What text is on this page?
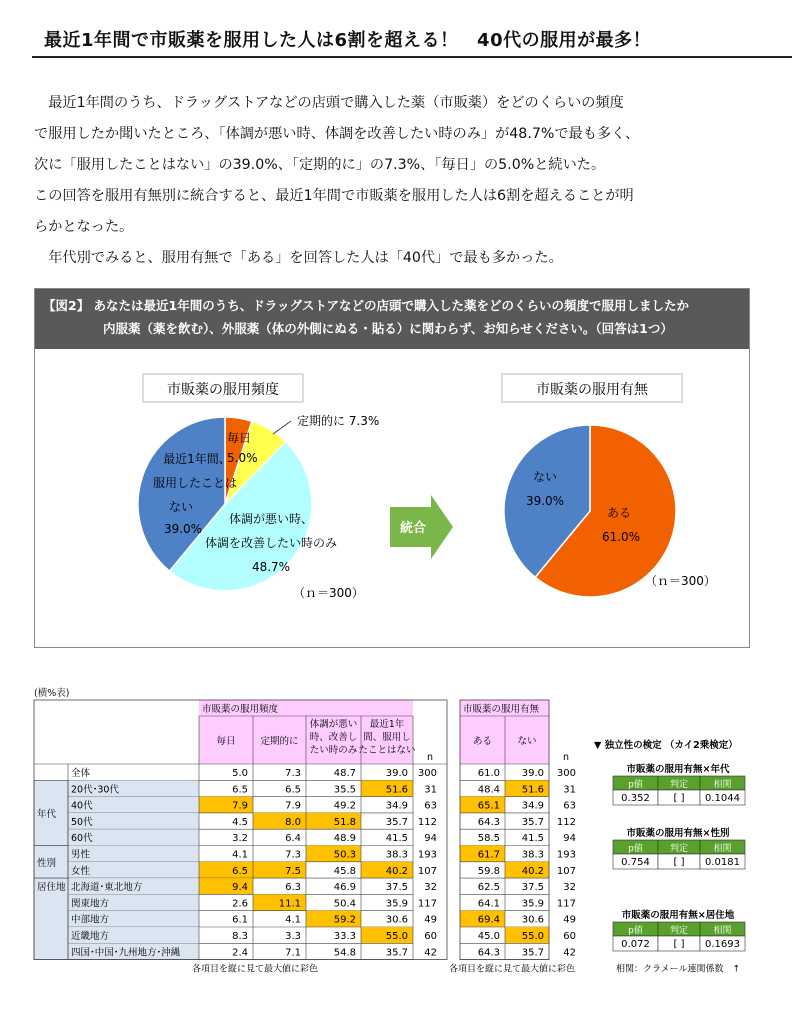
最近1年間で市販薬を服用した人は6割を超える！　40代の服用が最多！

　最近1年間のうち、ドラッグストアなどの店頭で購入した薬（市販薬）をどのくらいの頻度

で服用したか聞いたところ、「体調が悪い時、体調を改善したい時のみ」が48.7%で最も多く、

次に「服用したことはない」の39.0%、「定期的に」の7.3%、「毎日」の5.0%と続いた。

この回答を服用有無別に統合すると、最近1年間で市販薬を服用した人は6割を超えることが明

らかとなった。

　年代別でみると、服用有無で「ある」を回答した人は「40代」で最も多かった。

【図2】 あなたは最近1年間のうち、ドラッグストアなどの店頭で購入した薬をどのくらいの頻度で服用しましたか
内服薬（薬を飲む）、外服薬（体の外側にぬる・貼る）に関わらず、お知らせください。（回答は1つ）
市販薬の服用頻度
毎日
5.0%
定期的に 7.3%
最近1年間、
服用したことは
ない
39.0%
体調が悪い時、
体調を改善したい時のみ
48.7%
（ｎ＝300）
統合
市販薬の服用有無
ない
39.0%
ある
61.0%
（ｎ＝300）
(横%表)
市販薬の服用頻度	市販薬の服用有無
毎日	定期的に
体調が悪い
時、改善し
たい時のみ
最近1年
間、服用し
たことはない
ある	ない
n	n
全体	5.0	7.3	48.7	39.0 300	61.0 39.0 300
20代･30代	6.5	6.5	35.5	51.6 31	48.4 51.6 31
40代	7.9	7.9	49.2	34.9 63	65.1 34.9 63
50代	4.5	8.0	51.8	35.7 112	64.3 35.7 112
60代	3.2	6.4	48.9	41.5 94	58.5 41.5 94
男性	4.1	7.3	50.3	38.3 193	61.7 38.3 193
女性	6.5	7.5	45.8	40.2 107	59.8 40.2 107
北海道･東北地方	9.4	6.3	46.9	37.5 32	62.5 37.5 32
関東地方	2.6	11.1	50.4	35.9 117	64.1 35.9 117
中部地方	6.1	4.1	59.2	30.6 49	69.4 30.6 49
近畿地方	8.3	3.3	33.3	55.0 60	45.0 55.0 60
四国･中国･九州地方･沖縄	2.4	7.1	54.8	35.7 42	64.3 35.7 42
年代
性別
居住地
各項目を縦に見て最大値に彩色	各項目を縦に見て最大値に彩色
▼ 独立性の検定 （カイ2乗検定）
市販薬の服用有無×年代
p値	判定	相関
0.352 [ ] 0.1044
市販薬の服用有無×性別
p値	判定	相関
0.754 [ ] 0.0181
市販薬の服用有無×居住地
p値	判定	相関
0.072 [ ] 0.1693
相関：クラメール連関係数　↑
